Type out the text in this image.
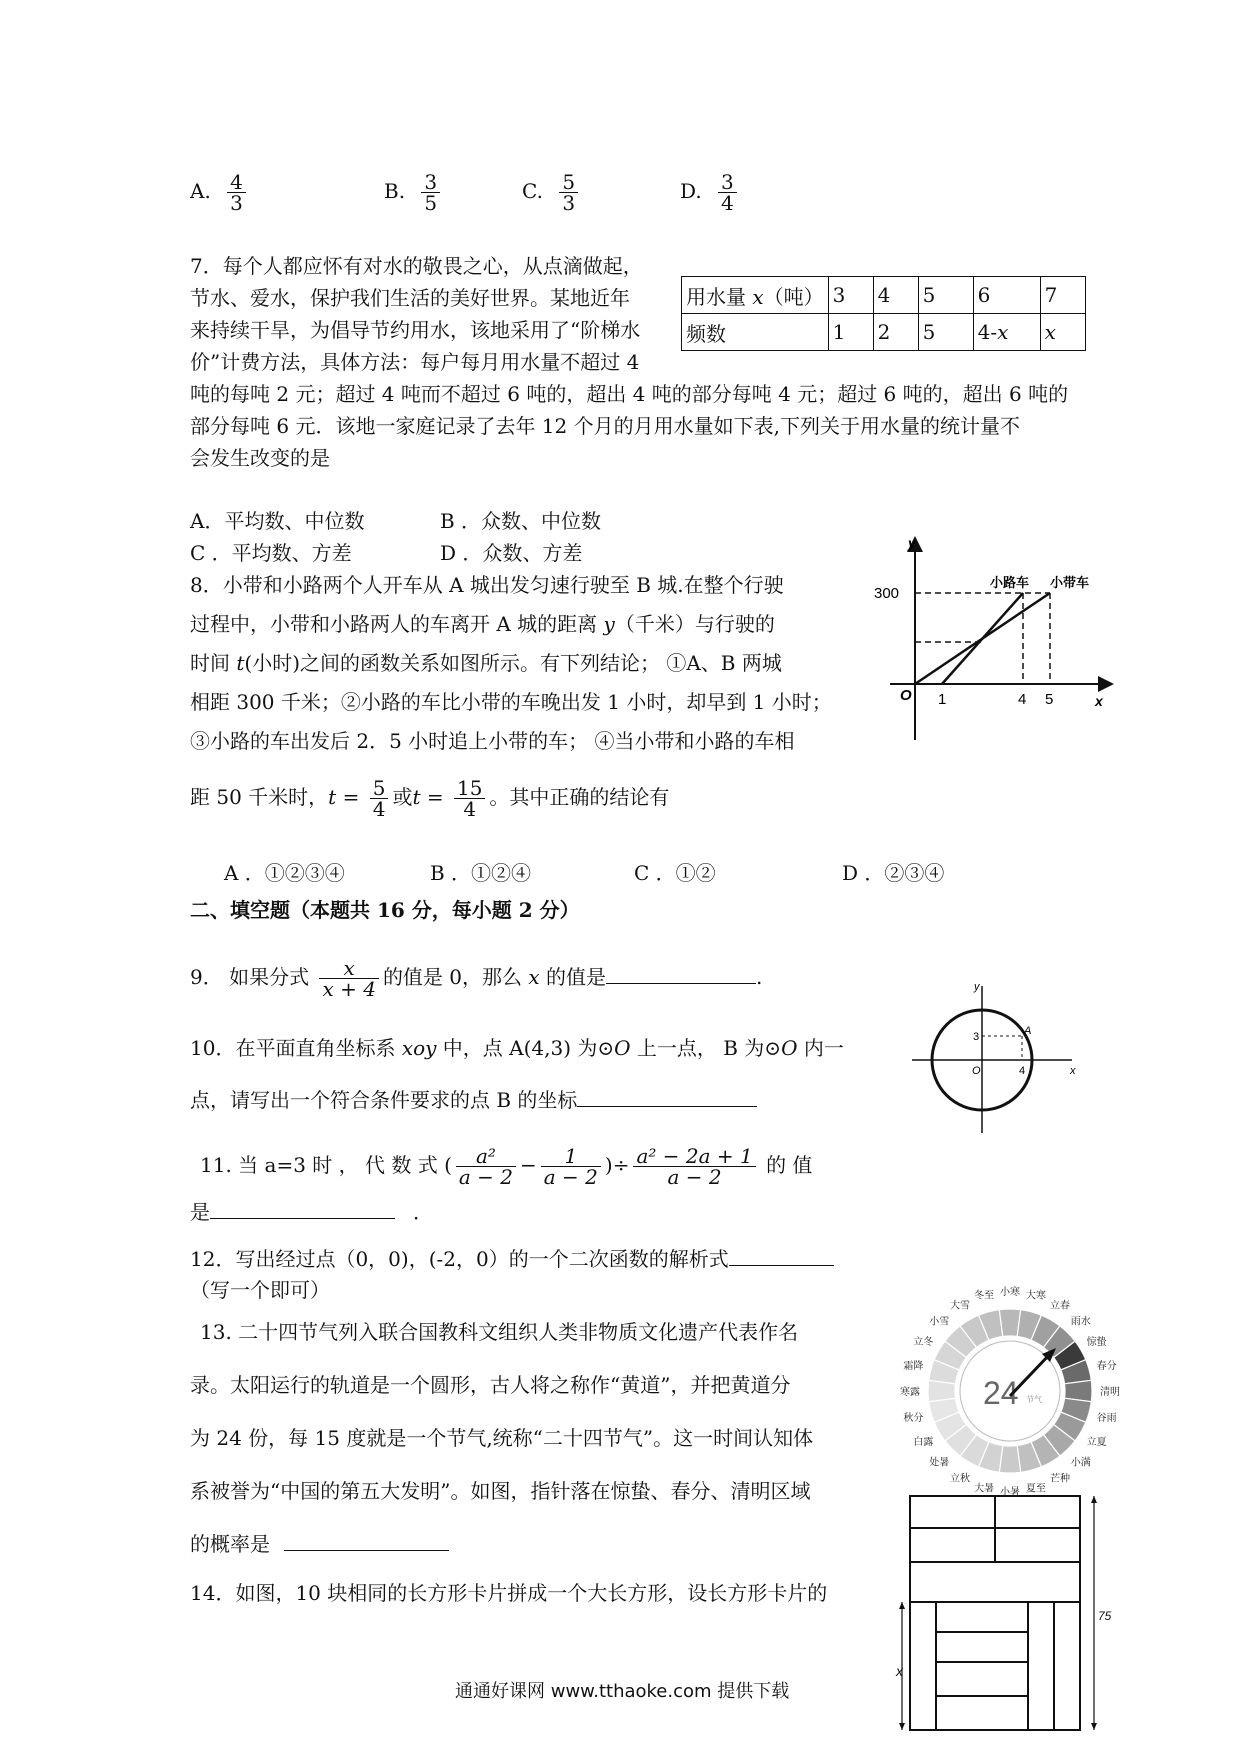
A. $\frac{4}{3}$	B. $\frac{3}{5}$	C. $\frac{5}{3}$	D. $\frac{3}{4}$
7．每个人都应怀有对水的敬畏之心，从点滴做起，
节水、爱水，保护我们生活的美好世界。某地近年
来持续干旱，为倡导节约用水，该地采用了“阶梯水
价”计费方法，具体方法：每户每月用水量不超过 4
吨的每吨 2 元；超过 4 吨而不超过 6 吨的，超出 4 吨的部分每吨 4 元；超过 6 吨的，超出 6 吨的
部分每吨 6 元．该地一家庭记录了去年 12 个月的月用水量如下表,下列关于用水量的统计量不
会发生改变的是
用水量 x（吨）	3	4	5	6	7
频数	1	2	5	4-x	x
A．平均数、中位数	B ．众数、中位数
C ．平均数、方差	D ．众数、方差
8．小带和小路两个人开车从 A 城出发匀速行驶至 B 城.在整个行驶
过程中，小带和小路两人的车离开 A 城的距离 y（千米）与行驶的
时间 t(小时)之间的函数关系如图所示。有下列结论； ①A、B 两城
相距 300 千米；②小路的车比小带的车晚出发 1 小时，却早到 1 小时；
③小路的车出发后 2．5 小时追上小带的车； ④当小带和小路的车相
距 50 千米时，$t = \frac{5}{4}$ 或$t = \frac{15}{4}$ 。其中正确的结论有
A ．①②③④	B ．①②④	C ．①②	D ．②③④
y
x
O
300
1	4 5
小路车 小带车
二、填空题（本题共 16 分，每小题 2 分）
9． 如果分式 $\frac{x}{x + 4}$ 的值是 0，那么 x 的值是	.
10．在平面直角坐标系 xoy 中，点 A(4,3) 为⊙O 上一点， B 为⊙O 内一
点，请写出一个符合条件要求的点 B 的坐标
y
x
O
3
4
A
11. 当 a=3 时 ， 代 数 式 ( $\frac{\text{a²}}{a - 2} - \frac{1}{a - 2}$ )÷ $\frac{\text{a² − 2a + 1}}{a - 2}$ 的 值
是	．
12．写出经过点（0，0)，(-2，0）的一个二次函数的解析式
（写一个即可）
13. 二十四节气列入联合国教科文组织人类非物质文化遗产代表作名
录。太阳运行的轨道是一个圆形，古人将之称作“黄道”，并把黄道分
为 24 份，每 15 度就是一个节气,统称“二十四节气”。这一时间认知体
系被誉为“中国的第五大发明”。如图，指针落在惊蛰、春分、清明区域
的概率是
24 节气
惊蛰
春分
清明
谷雨
立夏
小满
芒种
夏至
小暑
大暑
立秋
处暑
白露
秋分
寒露
霜降
立冬
小雪
大雪
冬至 小寒 大寒
立春
雨水
14．如图，10 块相同的长方形卡片拼成一个大长方形，设长方形卡片的
x
75
通通好课网 www.tthaoke.com 提供下载
